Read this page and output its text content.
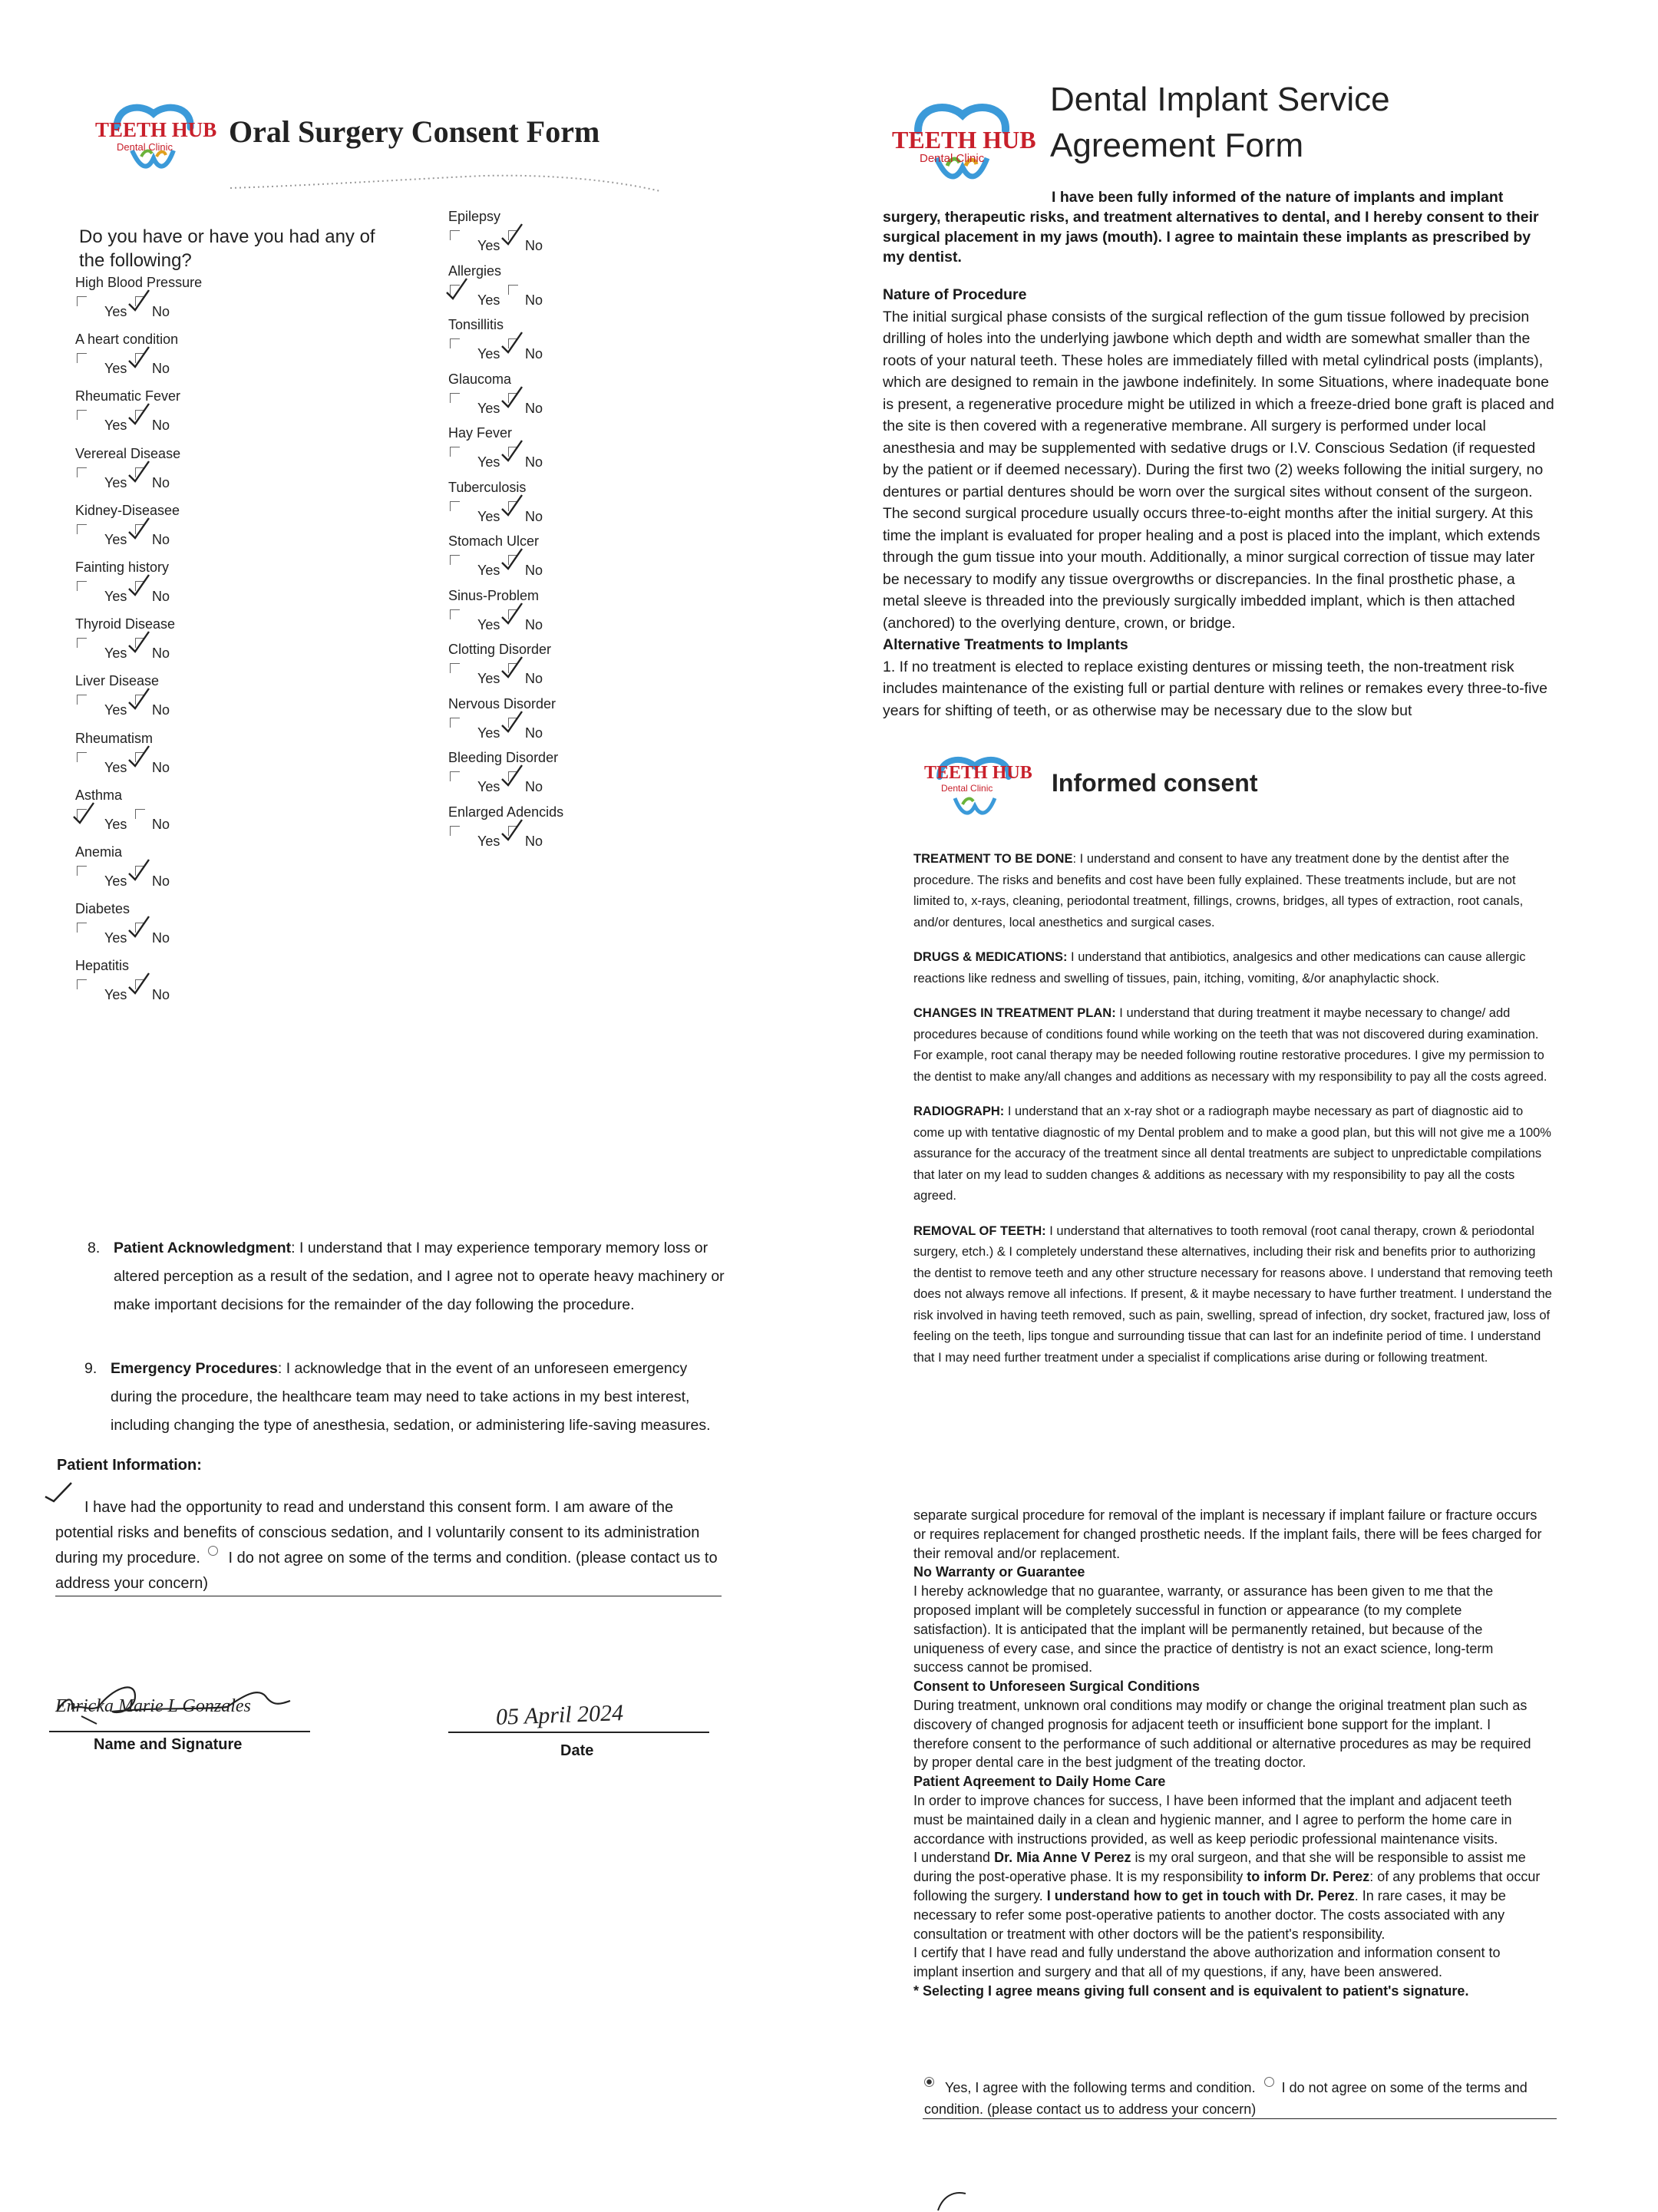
TEETH HUB
Dental Clinic Oral Surgery Consent Form
Do you have or have you had any of the following?
High Blood Pressure
Yes No
A heart condition
Yes No
Rheumatic Fever
Yes No
Verereal Disease
Yes No
Kidney-Diseasee
Yes No
Fainting history
Yes No
Thyroid Disease
Yes No
Liver Disease
Yes No
Rheumatism
Yes No
Asthma
Yes No
Anemia
Yes No
Diabetes
Yes No
Hepatitis
Yes No
Epilepsy
Yes No
Allergies
Yes No
Tonsillitis
Yes No
Glaucoma
Yes No
Hay Fever
Yes No
Tuberculosis
Yes No
Stomach Ulcer
Yes No
Sinus-Problem
Yes No
Clotting Disorder
Yes No
Nervous Disorder
Yes No
Bleeding Disorder
Yes No
Enlarged Adencids
Yes No
8. Patient Acknowledgment: I understand that I may experience temporary memory loss or altered perception as a result of the sedation, and I agree not to operate heavy machinery or make important decisions for the remainder of the day following the procedure.
9. Emergency Procedures: I acknowledge that in the event of an unforeseen emergency during the procedure, the healthcare team may need to take actions in my best interest, including changing the type of anesthesia, sedation, or administering life-saving measures.
Patient Information:
I have had the opportunity to read and understand this consent form. I am aware of the potential risks and benefits of conscious sedation, and I voluntarily consent to its administration during my procedure. I do not agree on some of the terms and condition. (please contact us to address your concern)
Enricka Marie L Gonzales
Name and Signature
05 April 2024
Date
TEETH HUB
Dental Clinic
Dental Implant Service
Agreement Form
I have been fully informed of the nature of implants and implant surgery, therapeutic risks, and treatment alternatives to dental, and I hereby consent to their surgical placement in my jaws (mouth). I agree to maintain these implants as prescribed by my dentist.

Nature of Procedure

The initial surgical phase consists of the surgical reflection of the gum tissue followed by precision drilling of holes into the underlying jawbone which depth and width are somewhat smaller than the roots of your natural teeth. These holes are immediately filled with metal cylindrical posts (implants), which are designed to remain in the jawbone indefinitely. In some Situations, where inadequate bone is present, a regenerative procedure might be utilized in which a freeze-dried bone graft is placed and the site is then covered with a regenerative membrane. All surgery is performed under local anesthesia and may be supplemented with sedative drugs or I.V. Conscious Sedation (if requested by the patient or if deemed necessary). During the first two (2) weeks following the initial surgery, no dentures or partial dentures should be worn over the surgical sites without consent of the surgeon.

The second surgical procedure usually occurs three-to-eight months after the initial surgery. At this time the implant is evaluated for proper healing and a post is placed into the implant, which extends through the gum tissue into your mouth. Additionally, a minor surgical correction of tissue may later be necessary to modify any tissue overgrowths or discrepancies. In the final prosthetic phase, a metal sleeve is threaded into the previously surgically imbedded implant, which is then attached (anchored) to the overlying denture, crown, or bridge.

Alternative Treatments to Implants

1. If no treatment is elected to replace existing dentures or missing teeth, the non-treatment risk includes maintenance of the existing full or partial denture with relines or remakes every three-to-five years for shifting of teeth, or as otherwise may be necessary due to the slow but

TEETH HUB
Dental Clinic Informed consent

TREATMENT TO BE DONE: I understand and consent to have any treatment done by the dentist after the procedure. The risks and benefits and cost have been fully explained. These treatments include, but are not limited to, x-rays, cleaning, periodontal treatment, fillings, crowns, bridges, all types of extraction, root canals, and/or dentures, local anesthetics and surgical cases.

DRUGS & MEDICATIONS: I understand that antibiotics, analgesics and other medications can cause allergic reactions like redness and swelling of tissues, pain, itching, vomiting, &/or anaphylactic shock.

CHANGES IN TREATMENT PLAN: I understand that during treatment it maybe necessary to change/ add procedures because of conditions found while working on the teeth that was not discovered during examination. For example, root canal therapy may be needed following routine restorative procedures. I give my permission to the dentist to make any/all changes and additions as necessary with my responsibility to pay all the costs agreed.

RADIOGRAPH: I understand that an x-ray shot or a radiograph maybe necessary as part of diagnostic aid to come up with tentative diagnostic of my Dental problem and to make a good plan, but this will not give me a 100% assurance for the accuracy of the treatment since all dental treatments are subject to unpredictable compilations that later on my lead to sudden changes & additions as necessary with my responsibility to pay all the costs agreed.

REMOVAL OF TEETH: I understand that alternatives to tooth removal (root canal therapy, crown & periodontal surgery, etch.) & I completely understand these alternatives, including their risk and benefits prior to authorizing the dentist to remove teeth and any other structure necessary for reasons above. I understand that removing teeth does not always remove all infections. If present, & it maybe necessary to have further treatment. I understand the risk involved in having teeth removed, such as pain, swelling, spread of infection, dry socket, fractured jaw, loss of feeling on the teeth, lips tongue and surrounding tissue that can last for an indefinite period of time. I understand that I may need further treatment under a specialist if complications arise during or following treatment.

separate surgical procedure for removal of the implant is necessary if implant failure or fracture occurs or requires replacement for changed prosthetic needs. If the implant fails, there will be fees charged for their removal and/or replacement.

No Warranty or Guarantee

I hereby acknowledge that no guarantee, warranty, or assurance has been given to me that the proposed implant will be completely successful in function or appearance (to my complete satisfaction). It is anticipated that the implant will be permanently retained, but because of the uniqueness of every case, and since the practice of dentistry is not an exact science, long-term success cannot be promised.

Consent to Unforeseen Surgical Conditions

During treatment, unknown oral conditions may modify or change the original treatment plan such as discovery of changed prognosis for adjacent teeth or insufficient bone support for the implant. I therefore consent to the performance of such additional or alternative procedures as may be required by proper dental care in the best judgment of the treating doctor.

Patient Aqreement to Daily Home Care

In order to improve chances for success, I have been informed that the implant and adjacent teeth must be maintained daily in a clean and hygienic manner, and I agree to perform the home care in accordance with instructions provided, as well as keep periodic professional maintenance visits.

I understand Dr. Mia Anne V Perez is my oral surgeon, and that she will be responsible to assist me during the post-operative phase. It is my responsibility to inform Dr. Perez: of any problems that occur following the surgery. I understand how to get in touch with Dr. Perez. In rare cases, it may be necessary to refer some post-operative patients to another doctor. The costs associated with any consultation or treatment with other doctors will be the patient's responsibility.

I certify that I have read and fully understand the above authorization and information consent to implant insertion and surgery and that all of my questions, if any, have been answered.

* Selecting I agree means giving full consent and is equivalent to patient's signature.

Yes, I agree with the following terms and condition. I do not agree on some of the terms and condition. (please contact us to address your concern)
